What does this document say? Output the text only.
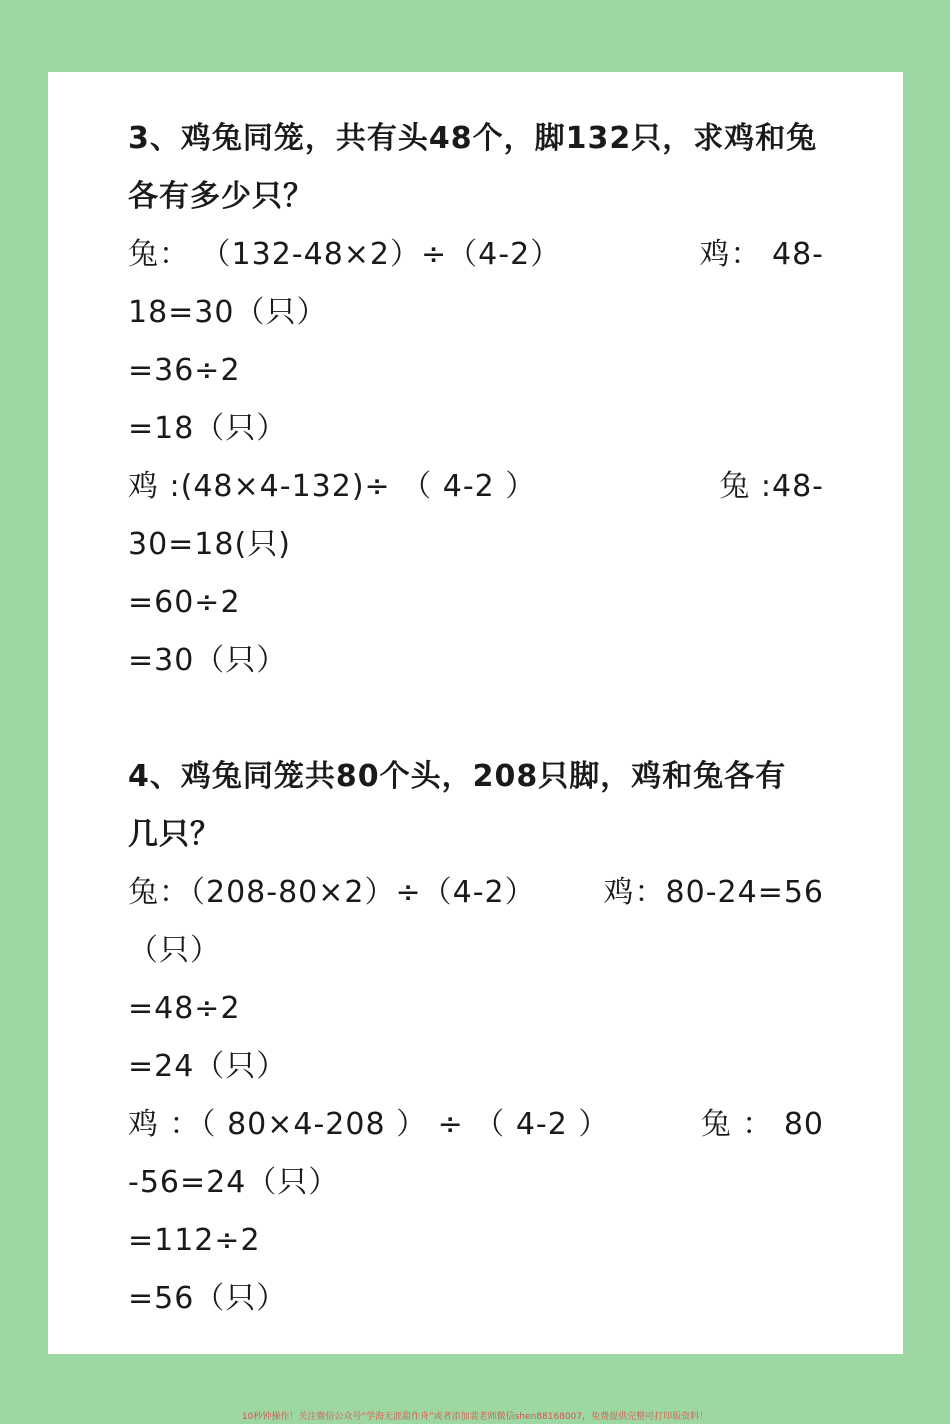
3、鸡兔同笼，共有头48个，脚132只，求鸡和兔
各有多少只？
兔： （132-48×2）÷（4-2）	鸡： 48-
18=30（只）
=36÷2
=18（只）
鸡 :(48×4-132)÷ （ 4-2 ）	兔 :48-
30=18(只)
=60÷2
=30（只）
4、鸡兔同笼共80个头，208只脚，鸡和兔各有
几只？
兔：（208-80×2）÷（4-2） 鸡：80-24=56
（只）
=48÷2
=24（只）
鸡 ：（ 80×4-208 ） ÷ （ 4-2 ）	兔 ： 80
-56=24（只）
=112÷2
=56（只）
10秒钟操作！关注微信公众号“学海无涯甜作舟”或者添加裴老师微信shen88168007，免费提供完整可打印版资料！
